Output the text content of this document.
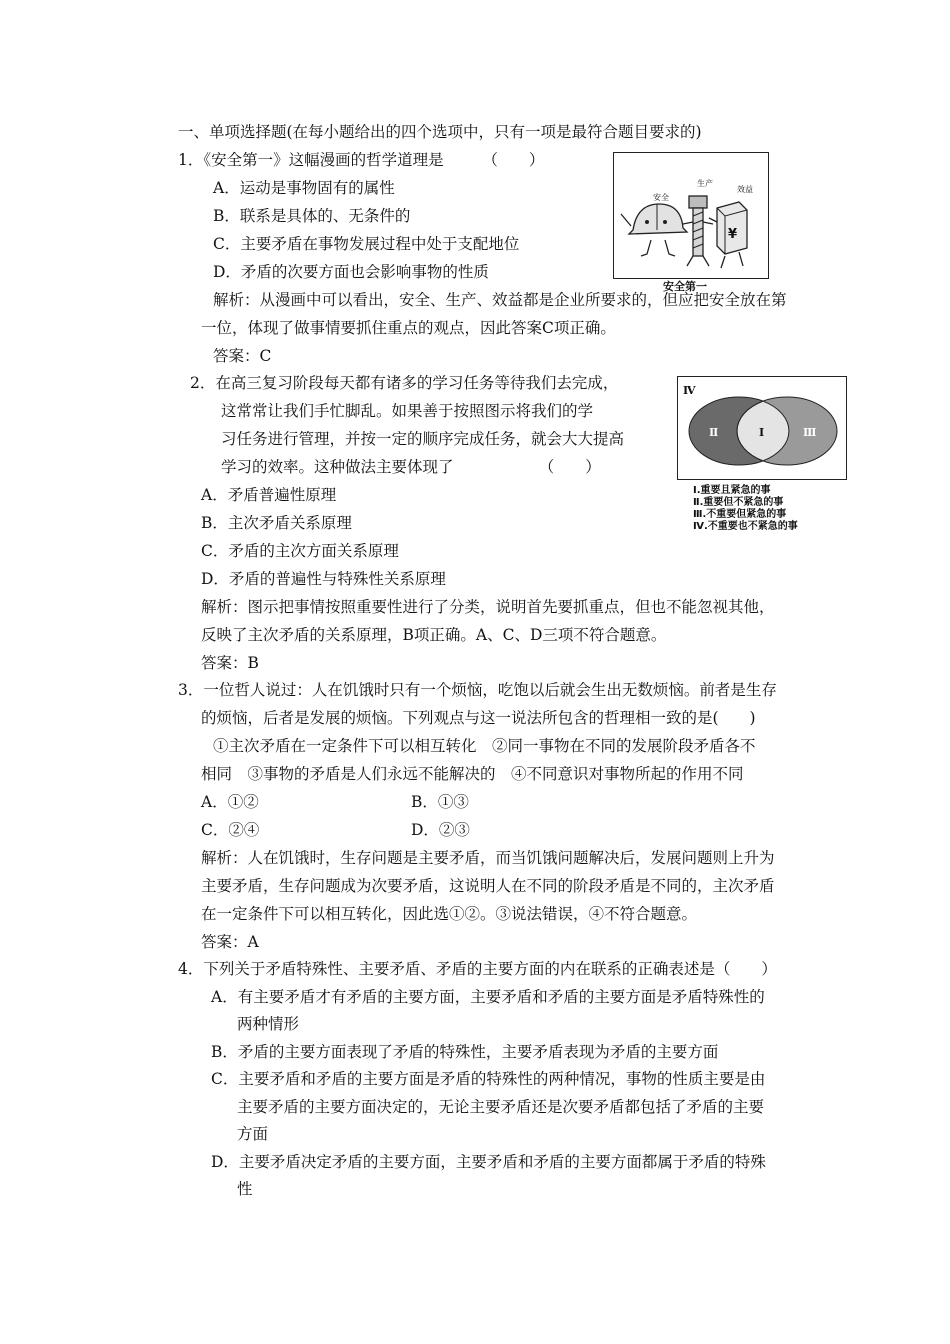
一、单项选择题(在每小题给出的四个选项中，只有一项是最符合题目要求的)
1．《安全第一》这幅漫画的哲学道理是　　　（　　）
A．运动是事物固有的属性
B．联系是具体的、无条件的
C．主要矛盾在事物发展过程中处于支配地位
D．矛盾的次要方面也会影响事物的性质
解析：从漫画中可以看出，安全、生产、效益都是企业所要求的，但应把安全放在第
一位，体现了做事情要抓住重点的观点，因此答案C项正确。
答案：C
安全
生产
效益
¥
安全第一
2．在高三复习阶段每天都有诸多的学习任务等待我们去完成，
这常常让我们手忙脚乱。如果善于按照图示将我们的学
习任务进行管理，并按一定的顺序完成任务，就会大大提高
学习的效率。这种做法主要体现了　　　　　　（　　）
A．矛盾普遍性原理
B．主次矛盾关系原理
C．矛盾的主次方面关系原理
D．矛盾的普遍性与特殊性关系原理
解析：图示把事情按照重要性进行了分类，说明首先要抓重点，但也不能忽视其他，
反映了主次矛盾的关系原理，B项正确。A、C、D三项不符合题意。
答案：B
Ⅳ
Ⅱ	Ⅰ	Ⅲ
Ⅰ.重要且紧急的事
Ⅱ.重要但不紧急的事
Ⅲ.不重要但紧急的事
Ⅳ.不重要也不紧急的事
3．一位哲人说过：人在饥饿时只有一个烦恼，吃饱以后就会生出无数烦恼。前者是生存
的烦恼，后者是发展的烦恼。下列观点与这一说法所包含的哲理相一致的是(　　)
①主次矛盾在一定条件下可以相互转化　②同一事物在不同的发展阶段矛盾各不
相同　③事物的矛盾是人们永远不能解决的　④不同意识对事物所起的作用不同
A．①②	B．①③
C．②④	D．②③
解析：人在饥饿时，生存问题是主要矛盾，而当饥饿问题解决后，发展问题则上升为
主要矛盾，生存问题成为次要矛盾，这说明人在不同的阶段矛盾是不同的，主次矛盾
在一定条件下可以相互转化，因此选①②。③说法错误，④不符合题意。
答案：A
4．下列关于矛盾特殊性、主要矛盾、矛盾的主要方面的内在联系的正确表述是（　　）
A．有主要矛盾才有矛盾的主要方面，主要矛盾和矛盾的主要方面是矛盾特殊性的
两种情形
B．矛盾的主要方面表现了矛盾的特殊性，主要矛盾表现为矛盾的主要方面
C．主要矛盾和矛盾的主要方面是矛盾的特殊性的两种情况，事物的性质主要是由
主要矛盾的主要方面决定的，无论主要矛盾还是次要矛盾都包括了矛盾的主要
方面
D．主要矛盾决定矛盾的主要方面，主要矛盾和矛盾的主要方面都属于矛盾的特殊
性
